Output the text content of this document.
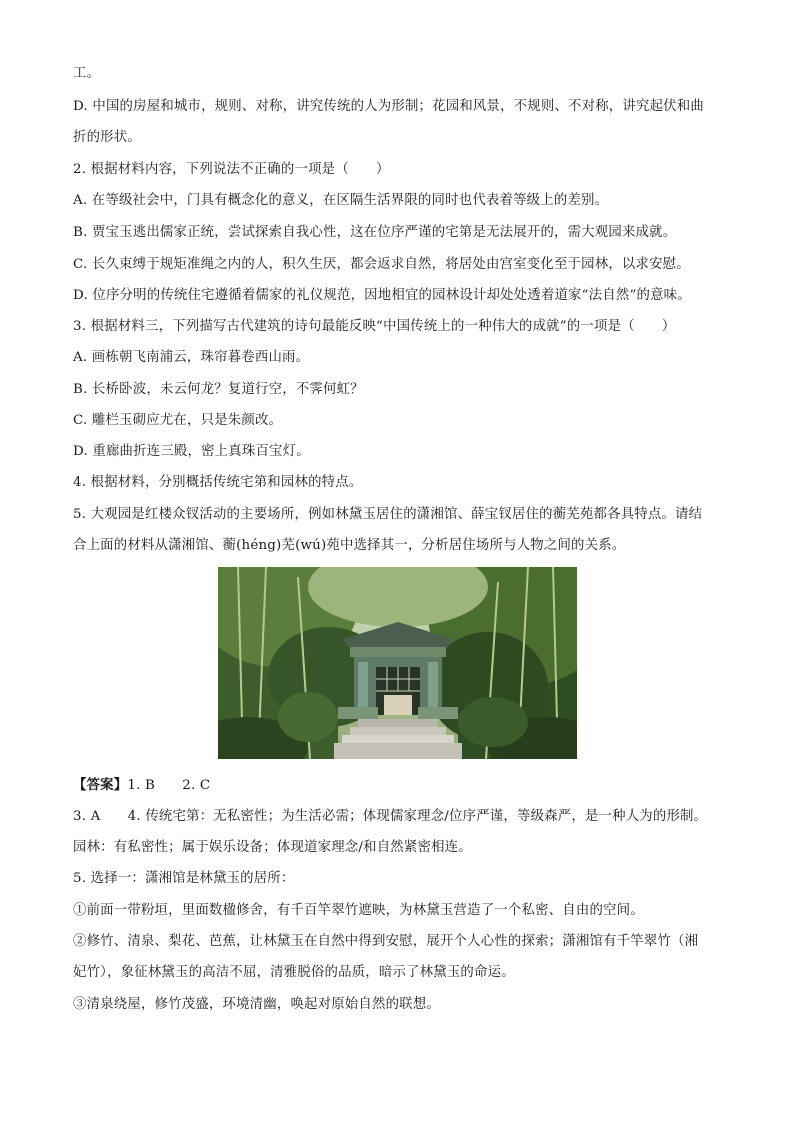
工。
D. 中国的房屋和城市，规则、对称，讲究传统的人为形制；花园和风景，不规则、不对称，讲究起伏和曲
折的形状。
2. 根据材料内容，下列说法不正确的一项是（　　）
A. 在等级社会中，门具有概念化的意义，在区隔生活界限的同时也代表着等级上的差别。
B. 贾宝玉逃出儒家正统，尝试探索自我心性，这在位序严谨的宅第是无法展开的，需大观园来成就。
C. 长久束缚于规矩准绳之内的人，积久生厌，都会返求自然，将居处由宫室变化至于园林，以求安慰。
D. 位序分明的传统住宅遵循着儒家的礼仪规范，因地相宜的园林设计却处处透着道家“法自然”的意味。
3. 根据材料三，下列描写古代建筑的诗句最能反映“中国传统上的一种伟大的成就”的一项是（　　）
A. 画栋朝飞南浦云，珠帘暮卷西山雨。
B. 长桥卧波，未云何龙？复道行空，不霁何虹？
C. 雕栏玉砌应尤在，只是朱颜改。
D. 重廊曲折连三殿，密上真珠百宝灯。
4. 根据材料，分别概括传统宅第和园林的特点。
5. 大观园是红楼众钗活动的主要场所，例如林黛玉居住的潇湘馆、薛宝钗居住的蘅芜苑都各具特点。请结
合上面的材料从潇湘馆、蘅(héng)芜(wú)苑中选择其一，分析居住场所与人物之间的关系。
【答案】1. B　　2. C
3. A　　4. 传统宅第：无私密性；为生活必需；体现儒家理念/位序严谨，等级森严，是一种人为的形制。
园林：有私密性；属于娱乐设备；体现道家理念/和自然紧密相连。
5. 选择一：潇湘馆是林黛玉的居所：
①前面一带粉垣，里面数楹修舍，有千百竿翠竹遮映，为林黛玉营造了一个私密、自由的空间。
②修竹、清泉、梨花、芭蕉，让林黛玉在自然中得到安慰，展开个人心性的探索；潇湘馆有千竿翠竹（湘
妃竹），象征林黛玉的高洁不屈，清雅脱俗的品质，暗示了林黛玉的命运。
③清泉绕屋，修竹茂盛，环境清幽，唤起对原始自然的联想。
